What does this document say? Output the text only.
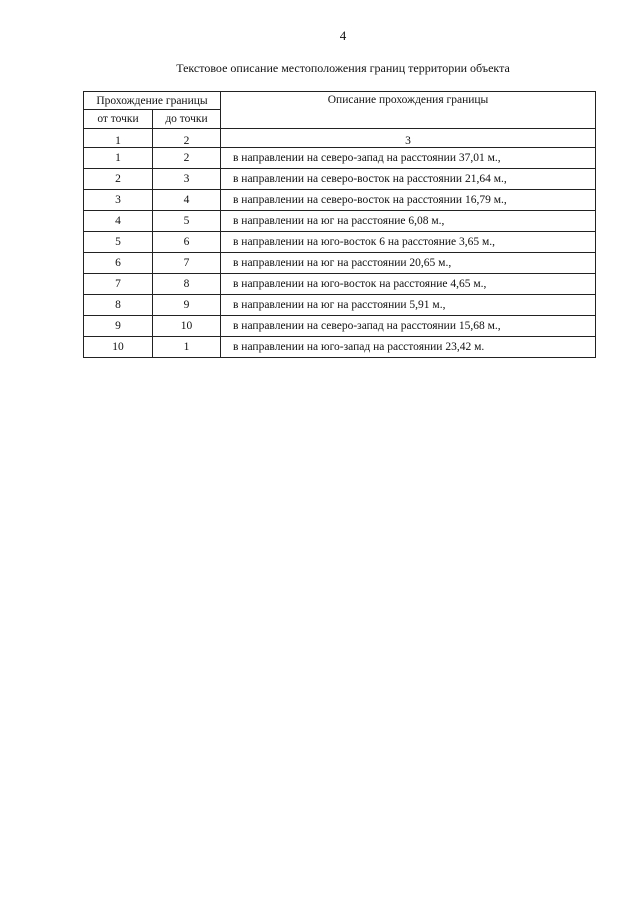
4
Текстовое описание местоположения границ территории объекта
Прохождение границы		Описание прохождения границы
от точки	до точки	
1	2	3
1	2	в направлении на северо-запад на расстоянии 37,01 м.,
2	3	в направлении на северо-восток на расстоянии 21,64 м.,
3	4	в направлении на северо-восток на расстоянии 16,79 м.,
4	5	в направлении на юг на расстояние 6,08 м.,
5	6	в направлении на юго-восток 6 на расстояние 3,65 м.,
6	7	в направлении на юг на расстоянии 20,65 м.,
7	8	в направлении на юго-восток на расстояние 4,65 м.,
8	9	в направлении на юг на расстоянии 5,91 м.,
9	10	в направлении на северо-запад на расстоянии 15,68 м.,
10	1	в направлении на юго-запад на расстоянии 23,42 м.
